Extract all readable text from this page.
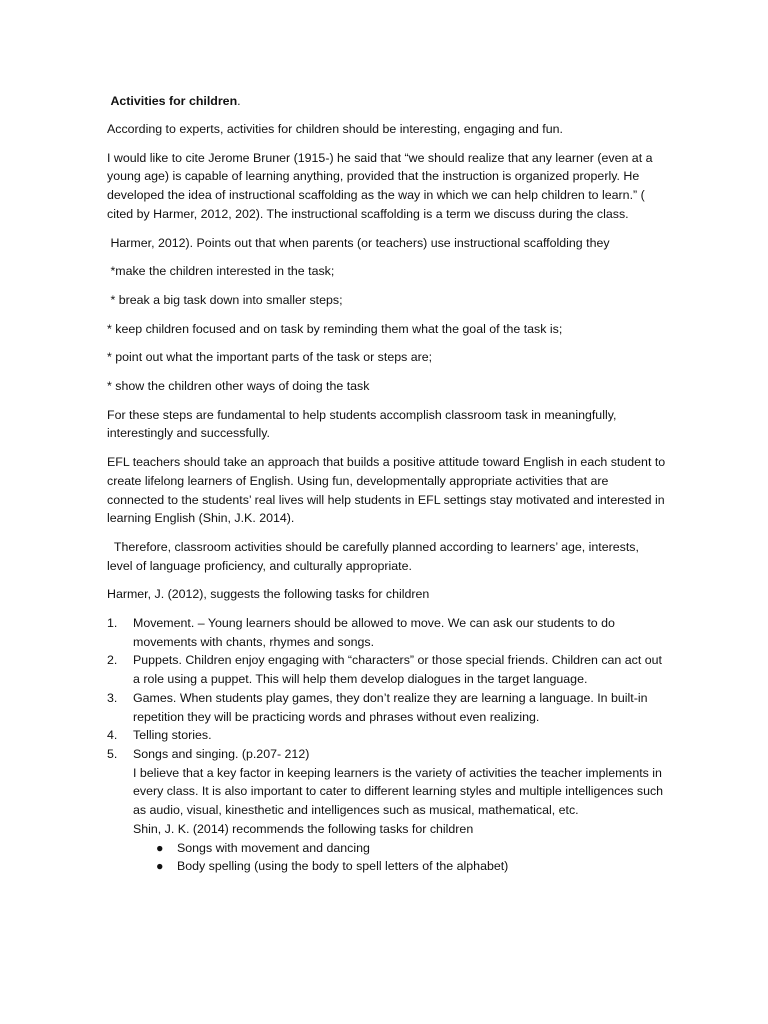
Activities for children.

According to experts, activities for children should be interesting, engaging and fun.

I would like to cite Jerome Bruner (1915-) he said that “we should realize that any learner (even at a young age) is capable of learning anything, provided that the instruction is organized properly. He developed the idea of instructional scaffolding as the way in which we can help children to learn.” ( cited by Harmer, 2012, 202). The instructional scaffolding is a term we discuss during the class.

Harmer, 2012). Points out that when parents (or teachers) use instructional scaffolding they

*make the children interested in the task;

* break a big task down into smaller steps;

* keep children focused and on task by reminding them what the goal of the task is;

* point out what the important parts of the task or steps are;

* show the children other ways of doing the task

For these steps are fundamental to help students accomplish classroom task in meaningfully, interestingly and successfully.

EFL teachers should take an approach that builds a positive attitude toward English in each student to create lifelong learners of English. Using fun, developmentally appropriate activities that are connected to the students’ real lives will help students in EFL settings stay motivated and interested in learning English (Shin, J.K. 2014).

Therefore, classroom activities should be carefully planned according to learners’ age, interests, level of language proficiency, and culturally appropriate.

Harmer, J. (2012), suggests the following tasks for children

1. Movement. – Young learners should be allowed to move. We can ask our students to do movements with chants, rhymes and songs.
2. Puppets. Children enjoy engaging with “characters” or those special friends. Children can act out a role using a puppet. This will help them develop dialogues in the target language.
3. Games. When students play games, they don’t realize they are learning a language. In built-in repetition they will be practicing words and phrases without even realizing.
4. Telling stories.
5. Songs and singing. (p.207- 212)
I believe that a key factor in keeping learners is the variety of activities the teacher implements in every class. It is also important to cater to different learning styles and multiple intelligences such as audio, visual, kinesthetic and intelligences such as musical, mathematical, etc.
Shin, J. K. (2014) recommends the following tasks for children
● Songs with movement and dancing
● Body spelling (using the body to spell letters of the alphabet)
